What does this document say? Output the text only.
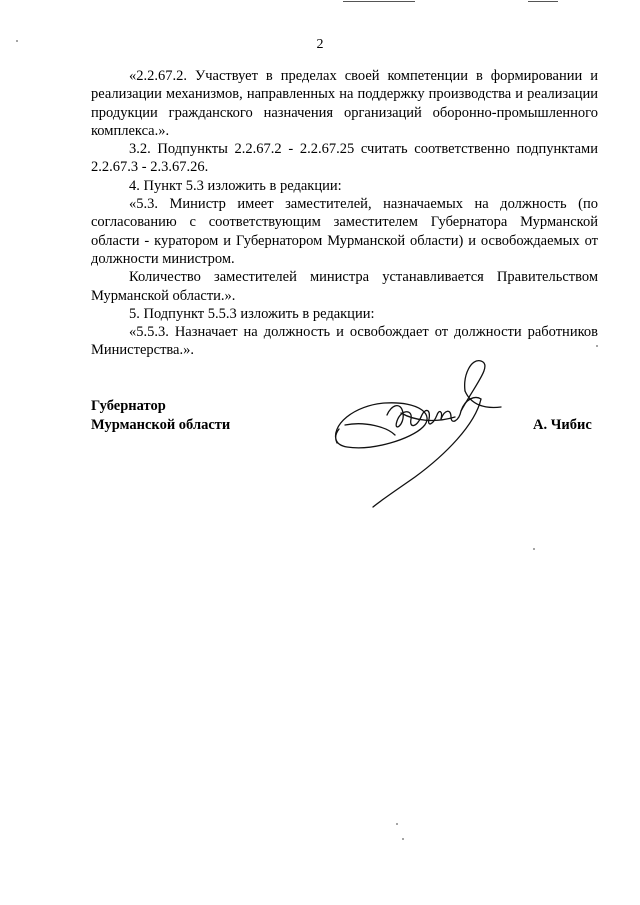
2

«2.2.67.2. Участвует в пределах своей компетенции в формировании и реализации механизмов, направленных на поддержку производства и реализации продукции гражданского назначения организаций оборонно-промышленного комплекса.».

3.2. Подпункты 2.2.67.2 - 2.2.67.25 считать соответственно подпунктами 2.2.67.3 - 2.3.67.26.

4. Пункт 5.3 изложить в редакции:

«5.3. Министр имеет заместителей, назначаемых на должность (по согласованию с соответствующим заместителем Губернатора Мурманской области - куратором и Губернатором Мурманской области) и освобождаемых от должности министром.

Количество заместителей министра устанавливается Правительством Мурманской области.».

5. Подпункт 5.5.3 изложить в редакции:

«5.5.3. Назначает на должность и освобождает от должности работников Министерства.».

Губернатор
Мурманской области	А. Чибис
